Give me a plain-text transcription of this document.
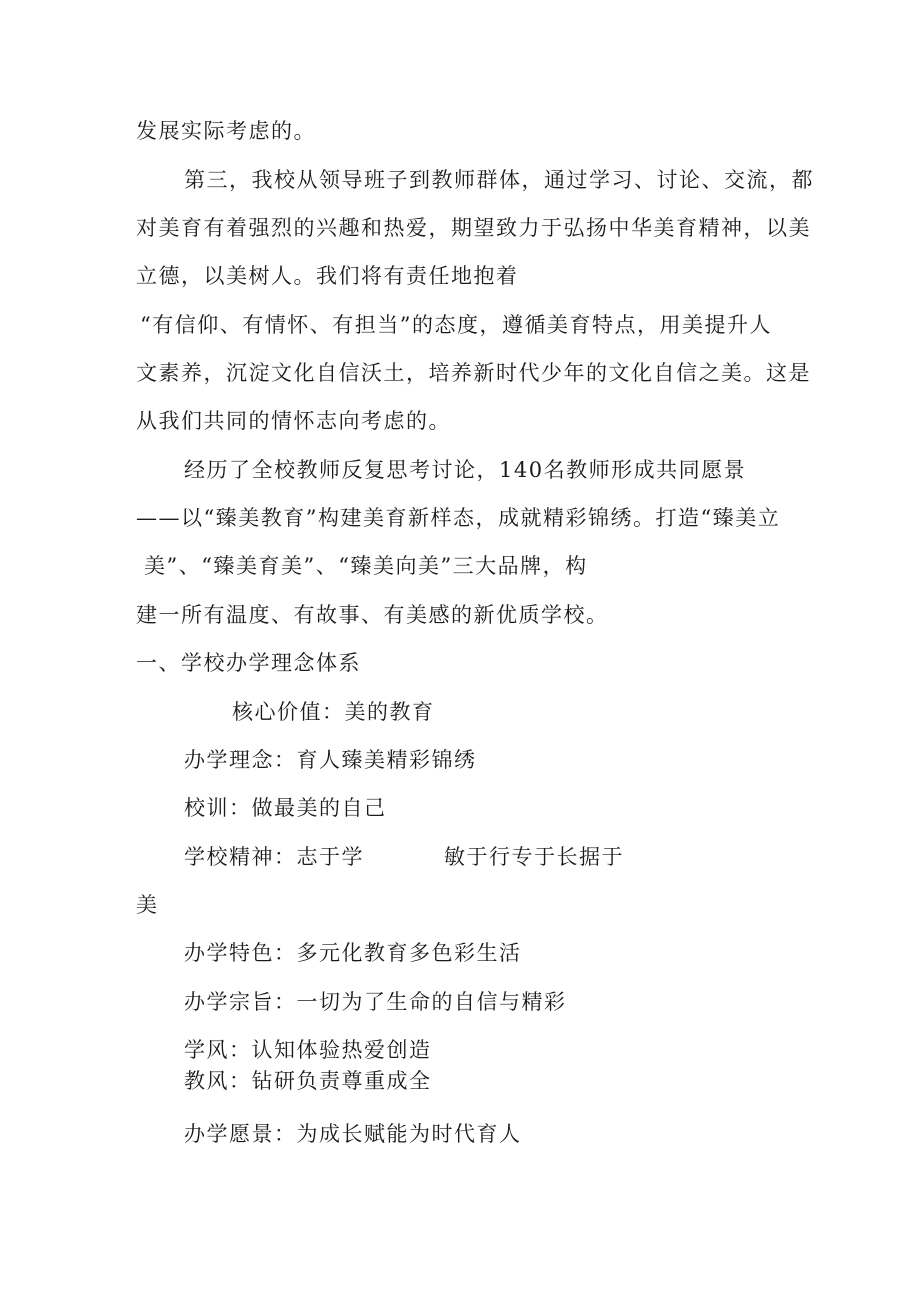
发展实际考虑的。
第三，我校从领导班子到教师群体，通过学习、讨论、交流，都
对美育有着强烈的兴趣和热爱，期望致力于弘扬中华美育精神，以美
立德，以美树人。我们将有责任地抱着
“有信仰、有情怀、有担当”的态度，遵循美育特点，用美提升人
文素养，沉淀文化自信沃土，培养新时代少年的文化自信之美。这是
从我们共同的情怀志向考虑的。
经历了全校教师反复思考讨论，140名教师形成共同愿景
——以“臻美教育”构建美育新样态，成就精彩锦绣。打造“臻美立
美”、“臻美育美”、“臻美向美”三大品牌，构
建一所有温度、有故事、有美感的新优质学校。
一、学校办学理念体系
核心价值：美的教育
办学理念：育人臻美精彩锦绣
校训：做最美的自己
学校精神：志于学	敏于行专于长据于
美
办学特色：多元化教育多色彩生活
办学宗旨：一切为了生命的自信与精彩
学风：认知体验热爱创造
教风：钻研负责尊重成全
办学愿景：为成长赋能为时代育人
